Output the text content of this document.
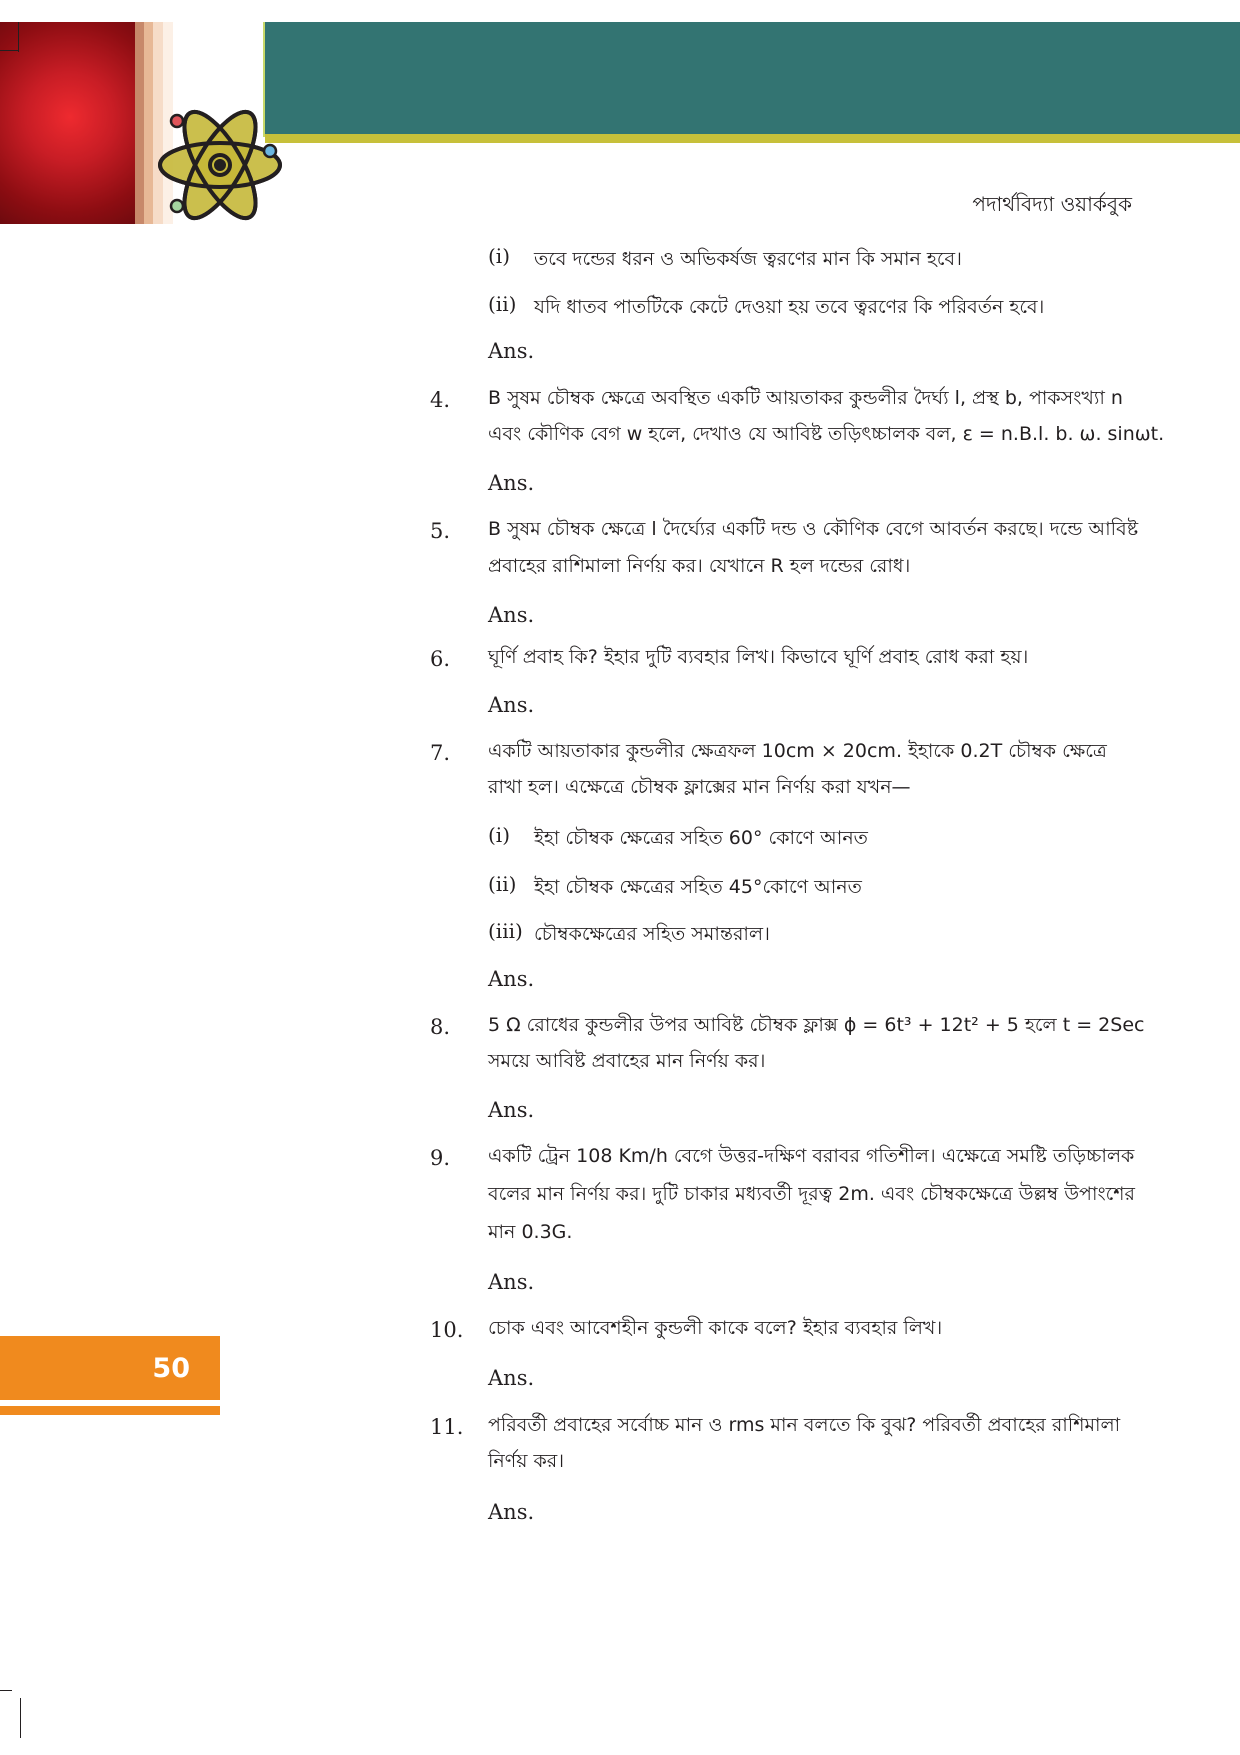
পদার্থবিদ্যা ওয়ার্কবুক
50
(i) তবে দন্ডের ধরন ও অভিকর্ষজ ত্বরণের মান কি সমান হবে।
(ii) যদি ধাতব পাতটিকে কেটে দেওয়া হয় তবে ত্বরণের কি পরিবর্তন হবে।
Ans.
4. B সুষম চৌম্বক ক্ষেত্রে অবস্থিত একটি আয়তাকর কুন্ডলীর দৈর্ঘ্য l, প্রস্থ b, পাকসংখ্যা n
এবং কৌণিক বেগ w হলে, দেখাও যে আবিষ্ট তড়িৎচ্চালক বল, ε = n.B.l. b. ω. sinωt.
Ans.
5. B সুষম চৌম্বক ক্ষেত্রে l দৈর্ঘ্যের একটি দন্ড ও কৌণিক বেগে আবর্তন করছে। দন্ডে আবিষ্ট
প্রবাহের রাশিমালা নির্ণয় কর। যেখানে R হল দন্ডের রোধ।
Ans.
6. ঘূর্ণি প্রবাহ কি? ইহার দুটি ব্যবহার লিখ। কিভাবে ঘূর্ণি প্রবাহ রোধ করা হয়।
Ans.
7. একটি আয়তাকার কুন্ডলীর ক্ষেত্রফল 10cm × 20cm. ইহাকে 0.2T চৌম্বক ক্ষেত্রে
রাখা হল। এক্ষেত্রে চৌম্বক ফ্লাক্সের মান নির্ণয় করা যখন—
(i) ইহা চৌম্বক ক্ষেত্রের সহিত 60° কোণে আনত
(ii) ইহা চৌম্বক ক্ষেত্রের সহিত 45°কোণে আনত
(iii) চৌম্বকক্ষেত্রের সহিত সমান্তরাল।
Ans.
8. 5 Ω রোধের কুন্ডলীর উপর আবিষ্ট চৌম্বক ফ্লাক্স ϕ = 6t³ + 12t² + 5 হলে t = 2Sec
সময়ে আবিষ্ট প্রবাহের মান নির্ণয় কর।
Ans.
9. একটি ট্রেন 108 Km/h বেগে উত্তর-দক্ষিণ বরাবর গতিশীল। এক্ষেত্রে সমষ্টি তড়িচ্চালক
বলের মান নির্ণয় কর। দুটি চাকার মধ্যবর্তী দূরত্ব 2m. এবং চৌম্বকক্ষেত্রে উল্লম্ব উপাংশের
মান 0.3G.
Ans.
10. চোক এবং আবেশহীন কুন্ডলী কাকে বলে? ইহার ব্যবহার লিখ।
Ans.
11. পরিবর্তী প্রবাহের সর্বোচ্চ মান ও rms মান বলতে কি বুঝ? পরিবর্তী প্রবাহের রাশিমালা
নির্ণয় কর।
Ans.
